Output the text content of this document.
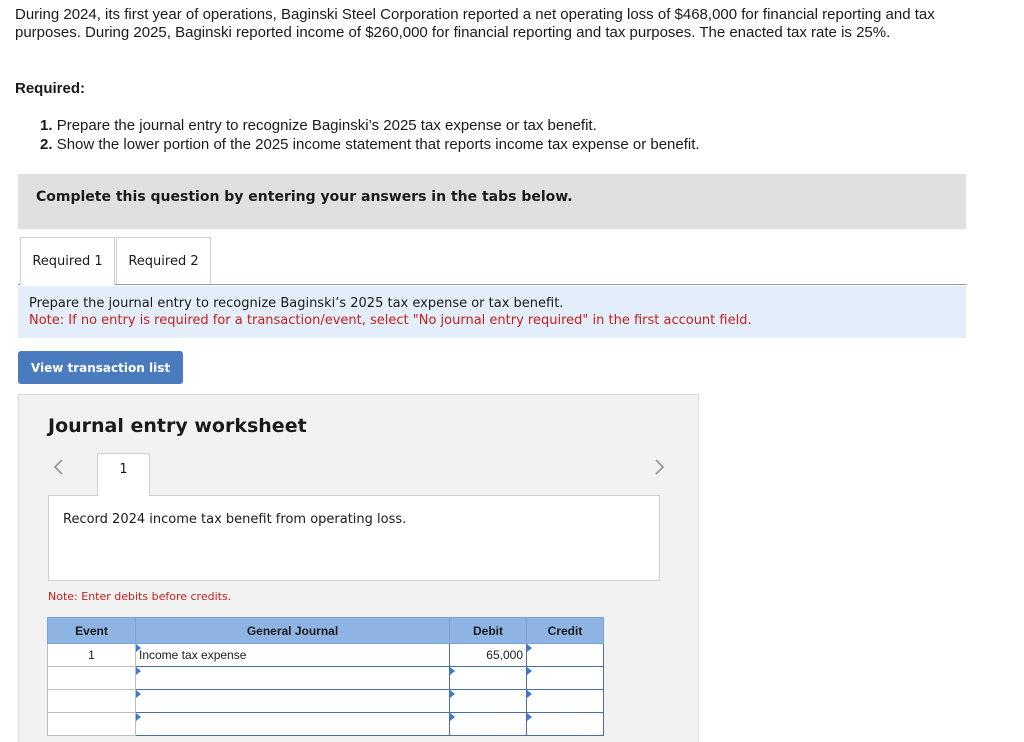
During 2024, its first year of operations, Baginski Steel Corporation reported a net operating loss of $468,000 for financial reporting and tax purposes. During 2025, Baginski reported income of $260,000 for financial reporting and tax purposes. The enacted tax rate is 25%.

Required:
1. Prepare the journal entry to recognize Baginski’s 2025 tax expense or tax benefit.
2. Show the lower portion of the 2025 income statement that reports income tax expense or benefit.
Complete this question by entering your answers in the tabs below.
Required 1	Required 2
Prepare the journal entry to recognize Baginski’s 2025 tax expense or tax benefit.
Note: If no entry is required for a transaction/event, select "No journal entry required" in the first account field.
View transaction list
Journal entry worksheet
1
Record 2024 income tax benefit from operating loss.
Note: Enter debits before credits.
Event	General Journal	Debit	Credit
1	Income tax expense	65,000	
